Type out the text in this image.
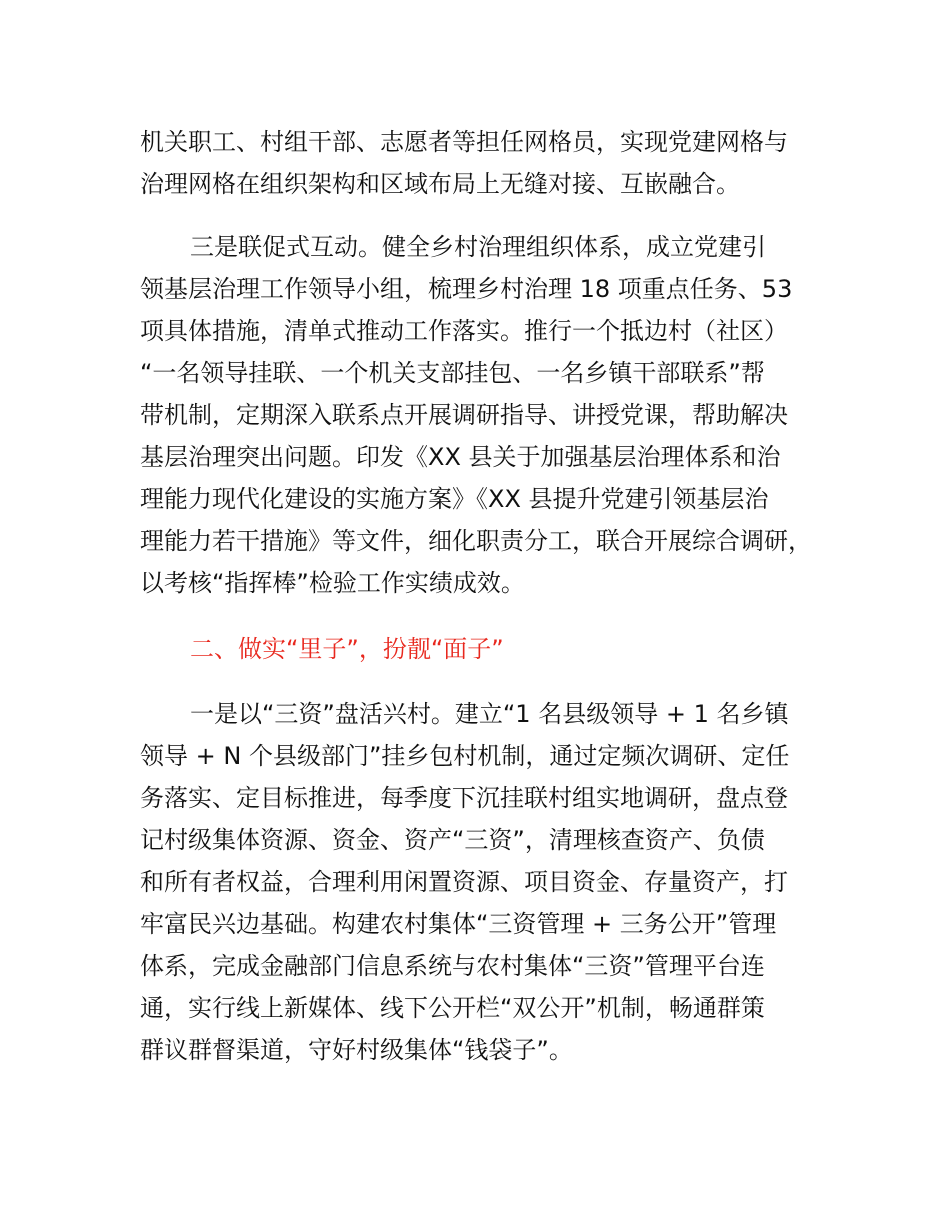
机关职工、村组干部、志愿者等担任网格员，实现党建网格与
治理网格在组织架构和区域布局上无缝对接、互嵌融合。
三是联促式互动。健全乡村治理组织体系，成立党建引
领基层治理工作领导小组，梳理乡村治理 18 项重点任务、53
项具体措施，清单式推动工作落实。推行一个抵边村（社区）
“一名领导挂联、一个机关支部挂包、一名乡镇干部联系”帮
带机制，定期深入联系点开展调研指导、讲授党课，帮助解决
基层治理突出问题。印发《XX 县关于加强基层治理体系和治
理能力现代化建设的实施方案》《XX 县提升党建引领基层治
理能力若干措施》等文件，细化职责分工，联合开展综合调研，
以考核“指挥棒”检验工作实绩成效。
二、做实“里子”，扮靓“面子”
一是以“三资”盘活兴村。建立“1 名县级领导 + 1 名乡镇
领导 + N 个县级部门”挂乡包村机制，通过定频次调研、定任
务落实、定目标推进，每季度下沉挂联村组实地调研，盘点登
记村级集体资源、资金、资产“三资”，清理核查资产、负债
和所有者权益，合理利用闲置资源、项目资金、存量资产，打
牢富民兴边基础。构建农村集体“三资管理 + 三务公开”管理
体系，完成金融部门信息系统与农村集体“三资”管理平台连
通，实行线上新媒体、线下公开栏“双公开”机制，畅通群策
群议群督渠道，守好村级集体“钱袋子”。
